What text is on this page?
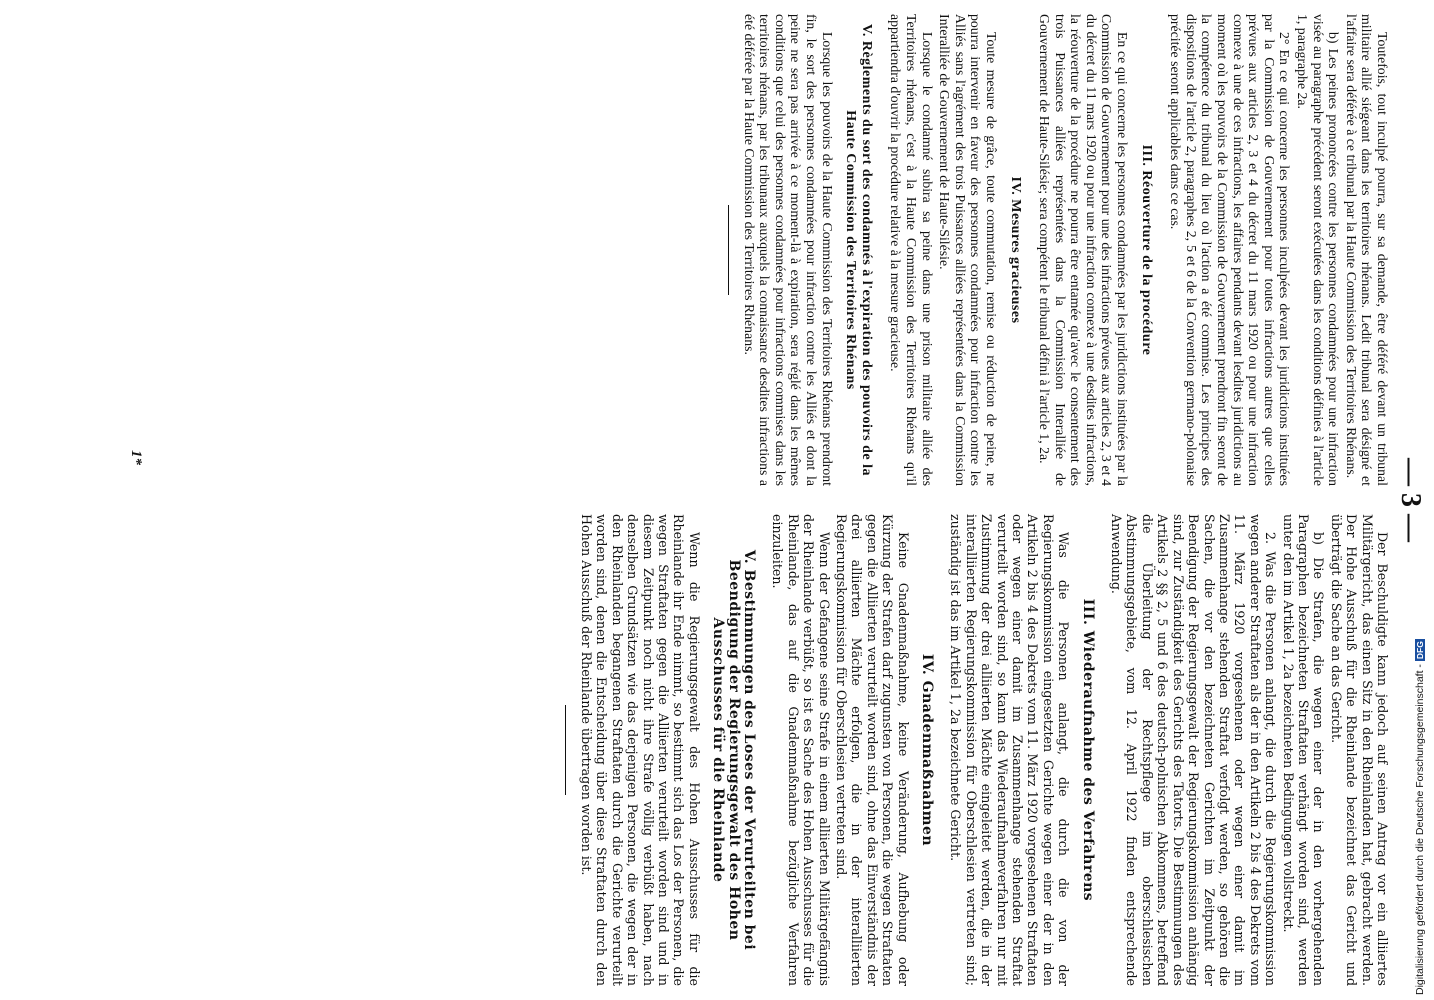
— 3 —

Toutefois, tout inculpé pourra, sur sa demande, être déféré devant un tribunal militaire allié siégeant dans les territoires rhénans. Ledit tribunal sera désigné et l'affaire sera déférée à ce tribunal par la Haute Commission des Territoires Rhénans.

b) Les peines prononcées contre les personnes condamnées pour une infraction visée au paragraphe précédent seront exécutées dans les conditions définies à l'article 1, paragraphe 2a.

2° En ce qui concerne les personnes inculpées devant les juridictions instituées par la Commission de Gouvernement pour toutes infractions autres que celles prévues aux articles 2, 3 et 4 du décret du 11 mars 1920 ou pour une infraction connexe à une de ces infractions, les affaires pendants devant lesdites juridictions au moment où les pouvoirs de la Commission de Gouvernement prendront fin seront de la compétence du tribunal du lieu où l'action a été commise. Les principes des dispositions de l'article 2, paragraphes 2, 5 et 6 de la Convention germano-polonaise précitée seront applicables dans ce cas.

III. Réouverture de la procédure

En ce qui concerne les personnes condamnées par les juridictions instituées par la Commission de Gouvernement pour une des infractions prévues aux articles 2, 3 et 4 du décret du 11 mars 1920 ou pour une infraction connexe à une desdites infractions, la réouverture de la procédure ne pourra être entamée qu'avec le consentement des trois Puissances alliées représentées dans la Commission Interalliée de Gouvernement de Haute-Silésie; sera compétent le tribunal défini à l'article 1, 2a.

IV. Mesures gracieuses

Toute mesure de grâce, toute commutation, remise ou réduction de peine, ne pourra intervenir en faveur des personnes condamnées pour infraction contre les Alliés sans l'agrément des trois Puissances alliées représentées dans la Commission Interalliée de Gouvernement de Haute-Silésie.

Lorsque le condamné subira sa peine dans une prison militaire alliée des Territoires rhénans, c'est à la Haute Commission des Territoires Rhénans qu'il appartiendra d'ouvrir la procédure relative à la mesure gracieuse.

V. Règlements du sort des condamnés à l'expiration des pouvoirs de la Haute Commission des Territoires Rhénans

Lorsque les pouvoirs de la Haute Commission des Territoires Rhénans prendront fin, le sort des personnes condamnées pour infraction contre les Alliés et dont la peine ne sera pas arrivée à ce moment-là à expiration, sera réglé dans les mêmes conditions que celui des personnes condamnées pour infractions commises dans les territoires rhénans, par les tribunaux auxquels la connaissance desdites infractions a été déférée par la Haute Commission des Territoires Rhénans.

Der Beschuldigte kann jedoch auf seinen Antrag vor ein alliiertes Militärgericht, das einen Sitz in den Rheinlanden hat, gebracht werden. Der Hohe Ausschuß für die Rheinlande bezeichnet das Gericht und überträgt die Sache an das Gericht.

b) Die Strafen, die wegen einer der in den vorhergehenden Paragraphen bezeichneten Straftaten verhängt worden sind, werden unter den im Artikel 1, 2a bezeichneten Bedingungen vollstreckt.

2. Was die Personen anlangt, die durch die Regierungskommission wegen anderer Straftaten als der in den Artikeln 2 bis 4 des Dekrets vom 11. März 1920 vorgesehenen oder wegen einer damit im Zusammenhange stehenden Straftat verfolgt werden, so gehören die Sachen, die vor den bezeichneten Gerichten im Zeitpunkt der Beendigung der Regierungsgewalt der Regierungskommission anhängig sind, zur Zuständigkeit des Gerichts des Tatorts. Die Bestimmungen des Artikels 2 §§ 2, 5 und 6 des deutsch-polnischen Abkommens, betreffend die Überleitung der Rechtspflege im oberschlesischen Abstimmungsgebiete, vom 12. April 1922 finden entsprechende Anwendung.

III. Wiederaufnahme des Verfahrens

Was die Personen anlangt, die durch die von der Regierungskommission eingesetzten Gerichte wegen einer der in den Artikeln 2 bis 4 des Dekrets vom 11. März 1920 vorgesehenen Straftaten oder wegen einer damit im Zusammenhange stehenden Straftat verurteilt worden sind, so kann das Wiederaufnahmeverfahren nur mit Zustimmung der drei alliierten Mächte eingeleitet werden, die in der interalliierten Regierungskommission für Oberschlesien vertreten sind; zuständig ist das im Artikel 1, 2a bezeichnete Gericht.

IV. Gnadenmaßnahmen

Keine Gnadenmaßnahme, keine Veränderung, Aufhebung oder Kürzung der Strafen darf zugunsten von Personen, die wegen Straftaten gegen die Alliierten verurteilt worden sind, ohne das Einverständnis der drei alliierten Mächte erfolgen, die in der interalliierten Regierungskommission für Oberschlesien vertreten sind.

Wenn der Gefangene seine Strafe in einem alliierten Militärgefängnis der Rheinlande verbüßt, so ist es Sache des Hohen Ausschusses für die Rheinlande, das auf die Gnadenmaßnahme bezügliche Verfahren einzuleiten.

V. Bestimmungen des Loses der Verurteilten bei Beendigung der Regierungsgewalt des Hohen Ausschusses für die Rheinlande

Wenn die Regierungsgewalt des Hohen Ausschusses für die Rheinlande ihr Ende nimmt, so bestimmt sich das Los der Personen, die wegen Straftaten gegen die Alliierten verurteilt worden sind und in diesem Zeitpunkt noch nicht ihre Strafe völlig verbüßt haben, nach denselben Grundsätzen wie das derjenigen Personen, die wegen der in den Rheinlanden begangenen Straftaten durch die Gerichte verurteilt worden sind, denen die Entscheidung über diese Straftaten durch den Hohen Ausschuß der Rheinlande übertragen worden ist.

1*
Digitalisierung gefördert durch die Deutsche Forschungsgemeinschaft -DFG
